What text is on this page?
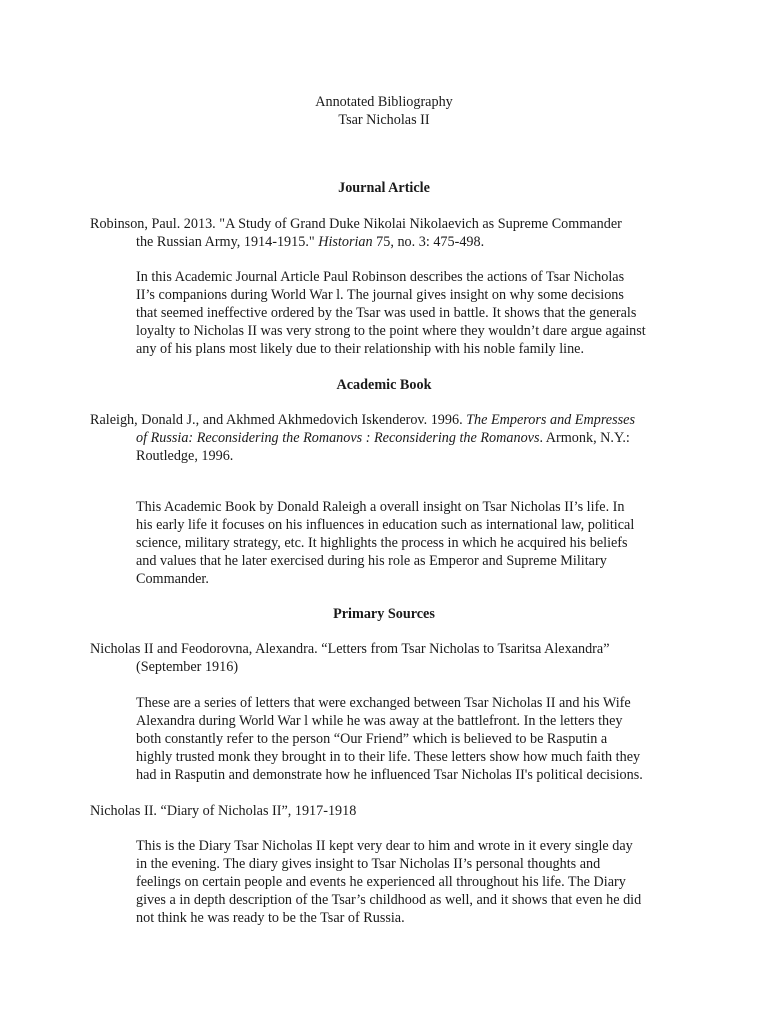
Annotated Bibliography
Tsar Nicholas II
Journal Article
Robinson, Paul. 2013. "A Study of Grand Duke Nikolai Nikolaevich as Supreme Commander
the Russian Army, 1914-1915." Historian 75, no. 3: 475-498.
In this Academic Journal Article Paul Robinson describes the actions of Tsar Nicholas
II’s companions during World War l. The journal gives insight on why some decisions
that seemed ineffective ordered by the Tsar was used in battle. It shows that the generals
loyalty to Nicholas II was very strong to the point where they wouldn’t dare argue against
any of his plans most likely due to their relationship with his noble family line.
Academic Book
Raleigh, Donald J., and Akhmed Akhmedovich Iskenderov. 1996. The Emperors and Empresses
of Russia: Reconsidering the Romanovs : Reconsidering the Romanovs. Armonk, N.Y.:
Routledge, 1996.
This Academic Book by Donald Raleigh a overall insight on Tsar Nicholas II’s life. In
his early life it focuses on his influences in education such as international law, political
science, military strategy, etc. It highlights the process in which he acquired his beliefs
and values that he later exercised during his role as Emperor and Supreme Military
Commander.
Primary Sources
Nicholas II and Feodorovna, Alexandra. “Letters from Tsar Nicholas to Tsaritsa Alexandra”
(September 1916)
These are a series of letters that were exchanged between Tsar Nicholas II and his Wife
Alexandra during World War l while he was away at the battlefront. In the letters they
both constantly refer to the person “Our Friend” which is believed to be Rasputin a
highly trusted monk they brought in to their life. These letters show how much faith they
had in Rasputin and demonstrate how he influenced Tsar Nicholas II's political decisions.
Nicholas II. “Diary of Nicholas II”, 1917-1918
This is the Diary Tsar Nicholas II kept very dear to him and wrote in it every single day
in the evening. The diary gives insight to Tsar Nicholas II’s personal thoughts and
feelings on certain people and events he experienced all throughout his life. The Diary
gives a in depth description of the Tsar’s childhood as well, and it shows that even he did
not think he was ready to be the Tsar of Russia.
